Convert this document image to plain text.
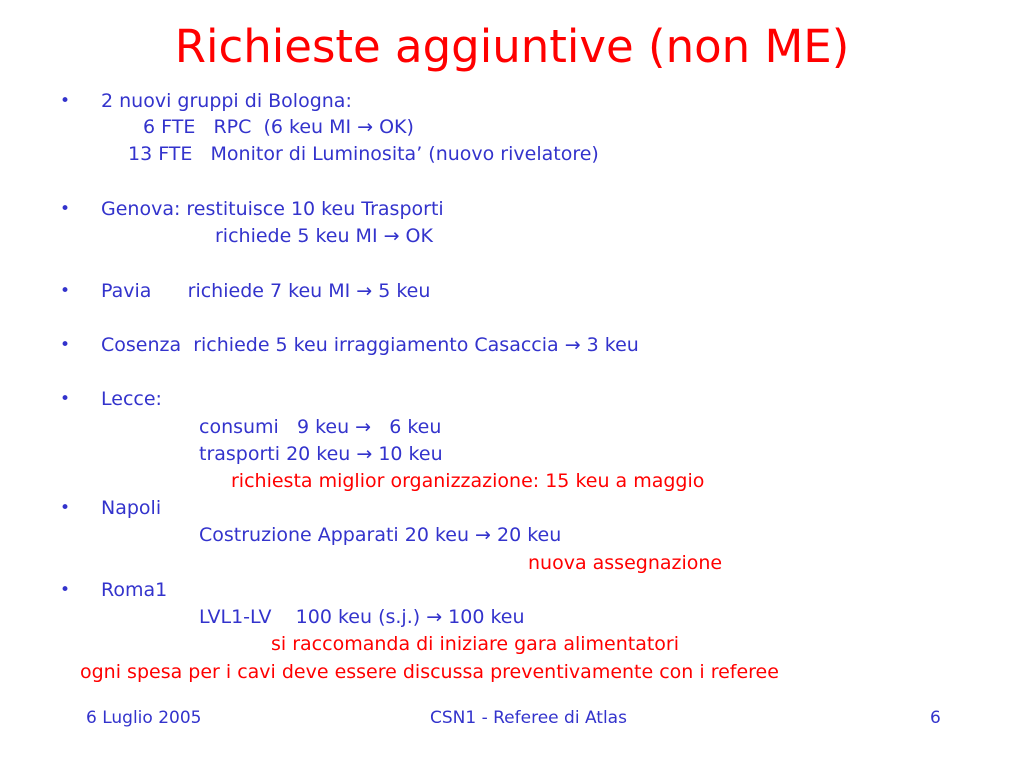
Richieste aggiuntive (non ME)
•
•
•
•
•
•
•
2 nuovi gruppi di Bologna:
6 FTE   RPC  (6 keu MI → OK)
13 FTE   Monitor di Luminosita’ (nuovo rivelatore)
Genova: restituisce 10 keu Trasporti
richiede 5 keu MI → OK
Pavia      richiede 7 keu MI → 5 keu
Cosenza  richiede 5 keu irraggiamento Casaccia → 3 keu
Lecce:
consumi   9 keu →   6 keu
trasporti 20 keu → 10 keu
richiesta miglior organizzazione: 15 keu a maggio
Napoli
Costruzione Apparati 20 keu → 20 keu
nuova assegnazione
Roma1
LVL1-LV    100 keu (s.j.) → 100 keu
si raccomanda di iniziare gara alimentatori
ogni spesa per i cavi deve essere discussa preventivamente con i referee
6 Luglio 2005	CSN1 - Referee di Atlas	6
